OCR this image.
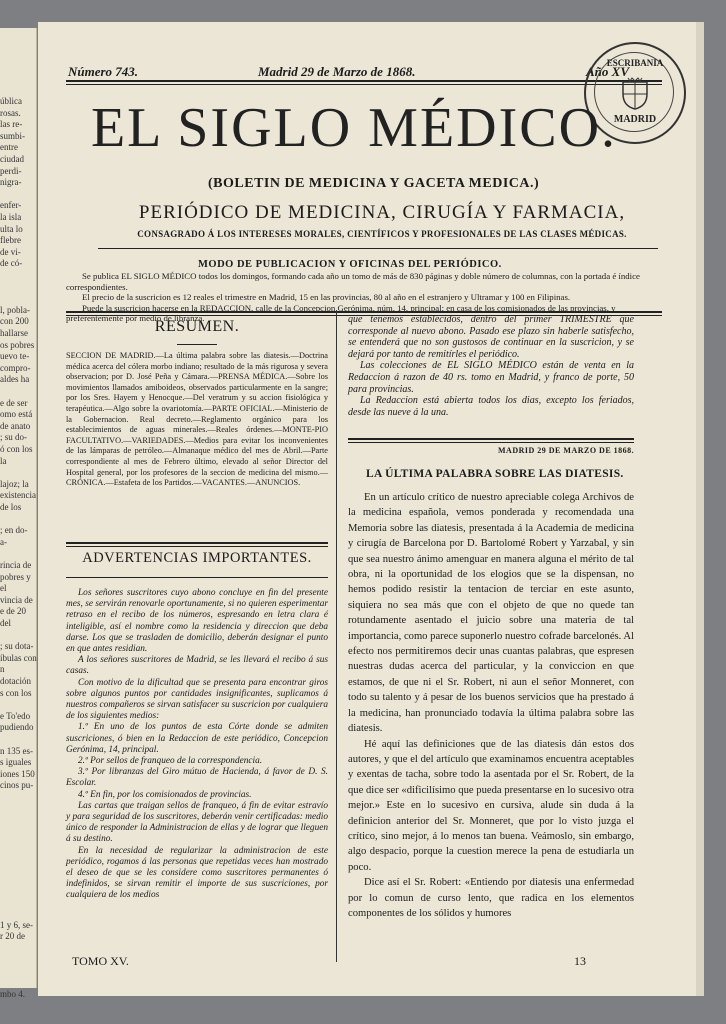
ública
rosas.
las re-
sumbi-
entre
ciudad
perdi-
nigra-
enfer-
la isla
ulta lo
flebre
de vi-
de có-
l, pobla-
con 200
hallarse
os pobres
uevo te-
compro-
aldes ha
e de ser
omo está
de anato
; su do-
ó con los
la
lajoz; la
existencia
de los
; en do-
a-
rincia de
pobres y
el
vincia de
e de 20
del
; su dota-
íbulas con
n
dotación
s con los
e To'edo
pudiendo
n 135 es-
s iguales
iones 150
cinos pu-
1 y 6, se-
r 20 de
mbo 4.
Número 743.	Madrid 29 de Marzo de 1868.	Año XV
ESCRIBANIA
MADRID
EL SIGLO MÉDICO.
(BOLETIN DE MEDICINA Y GACETA MEDICA.)
PERIÓDICO DE MEDICINA, CIRUGÍA Y FARMACIA,
CONSAGRADO Á LOS INTERESES MORALES, CIENTÍFICOS Y PROFESIONALES DE LAS CLASES MÉDICAS.
MODO DE PUBLICACION Y OFICINAS DEL PERIÓDICO.
Se publica EL SIGLO MÉDICO todos los domingos, formando cada año un tomo de más de 830 páginas y doble número de columnas, con la portada é índice correspondientes.
El precio de la suscricion es 12 reales el trimestre en Madrid, 15 en las provincias, 80 al año en el estranjero y Ultramar y 100 en Filipinas.
Puede la suscricion hacerse en la REDACCION, calle de la Concepcion Gerónima, núm. 14, principal; en casa de los comisionados de las provincias, y preferentemente por medio de libranza.
RESUMEN.
SECCION DE MADRID.—La última palabra sobre las diatesis.—Doctrina médica acerca del cólera morbo indiano; resultado de la más rigurosa y severa observacion; por D. José Peña y Cámara.—PRENSA MÉDICA.—Sobre los movimientos llamados amiboideos, observados particularmente en la sangre; por los Sres. Hayem y Henocque.—Del veratrum y su accion fisiológica y terapéutica.—Algo sobre la ovariotomía.—PARTE OFICIAL.—Ministerio de la Gobernacion. Real decreto.—Reglamento orgánico para los establecimientos de aguas minerales.—Reales órdenes.—MONTE-PIO FACULTATIVO.—VARIEDADES.—Medios para evitar los inconvenientes de las lámparas de petróleo.—Almanaque médico del mes de Abril.—Parte correspondiente al mes de Febrero último, elevado al señor Director del Hospital general, por los profesores de la seccion de medicina del mismo.—CRÓNICA.—Estafeta de los Partidos.—VACANTES.—ANUNCIOS.
ADVERTENCIAS IMPORTANTES.

Los señores suscritores cuyo abono concluye en fin del presente mes, se servirán renovarle oportunamente, si no quieren esperimentar retraso en el recibo de los números, espresando en letra clara é inteligible, así el nombre como la residencia y direccion que deba darse. Los que se trasladen de domicilio, deberán designar el punto en que antes residian.

A los señores suscritores de Madrid, se les llevará el recibo á sus casas.

Con motivo de la dificultad que se presenta para encontrar giros sobre algunos puntos por cantidades insignificantes, suplicamos á nuestros compañeros se sirvan satisfacer su suscricion por cualquiera de los siguientes medios:

1.º En uno de los puntos de esta Córte donde se admiten suscriciones, ó bien en la Redaccion de este periódico, Concepcion Gerónima, 14, principal.

2.º Por sellos de franqueo de la correspondencia.

3.º Por libranzas del Giro mútuo de Hacienda, á favor de D. S. Escolar.

4.º En fin, por los comisionados de provincias.

Las cartas que traigan sellos de franqueo, á fin de evitar estravío y para seguridad de los suscritores, deberán venir certificadas: medio único de responder la Administracion de ellas y de lograr que lleguen á su destino.

En la necesidad de regularizar la administracion de este periódico, rogamos á las personas que repetidas veces han mostrado el deseo de que se les considere como suscritores permanentes ó indefinidos, se sirvan remitir el importe de sus suscriciones, por cualquiera de los medios

que tenemos establecidos, dentro del primer TRIMESTRE que corresponde al nuevo abono. Pasado ese plazo sin haberle satisfecho, se entenderá que no son gustosos de continuar en la suscricion, y se dejará por tanto de remitírles el periódico.

Las colecciones de EL SIGLO MÉDICO están de venta en la Redaccion á razon de 40 rs. tomo en Madrid, y franco de porte, 50 para provincias.

La Redaccion está abierta todos los dias, excepto los feriados, desde las nueve á la una.

MADRID 29 DE MARZO DE 1868.
LA ÚLTIMA PALABRA SOBRE LAS DIATESIS.

En un artículo crítico de nuestro apreciable colega Archivos de la medicina española, vemos ponderada y recomendada una Memoria sobre las diatesis, presentada á la Academia de medicina y cirugía de Barcelona por D. Bartolomé Robert y Yarzabal, y sin que sea nuestro ánimo amenguar en manera alguna el mérito de tal obra, ni la oportunidad de los elogios que se la dispensan, no hemos podido resistir la tentacion de terciar en este asunto, siquiera no sea más que con el objeto de que no quede tan rotundamente asentado el juicio sobre una materia de tal importancia, como parece suponerlo nuestro cofrade barcelonés. Al efecto nos permitiremos decir unas cuantas palabras, que espresen nuestras dudas acerca del particular, y la conviccion en que estamos, de que ni el Sr. Robert, ni aun el señor Monneret, con todo su talento y á pesar de los buenos servicios que ha prestado á la medicina, han pronunciado todavía la última palabra sobre las diatesis.

Hé aquí las definiciones que de las diatesis dán estos dos autores, y que el del artículo que examinamos encuentra aceptables y exentas de tacha, sobre todo la asentada por el Sr. Robert, de la que dice ser «dificilísimo que pueda presentarse en lo sucesivo otra mejor.» Este en lo sucesivo en cursiva, alude sin duda á la definicion anterior del Sr. Monneret, que por lo visto juzga el crítico, sino mejor, á lo menos tan buena. Veámoslo, sin embargo, algo despacio, porque la cuestion merece la pena de estudiarla un poco.

Dice así el Sr. Robert: «Entiendo por diatesis una enfermedad por lo comun de curso lento, que radica en los elementos componentes de los sólidos y humores

TOMO XV.	13
